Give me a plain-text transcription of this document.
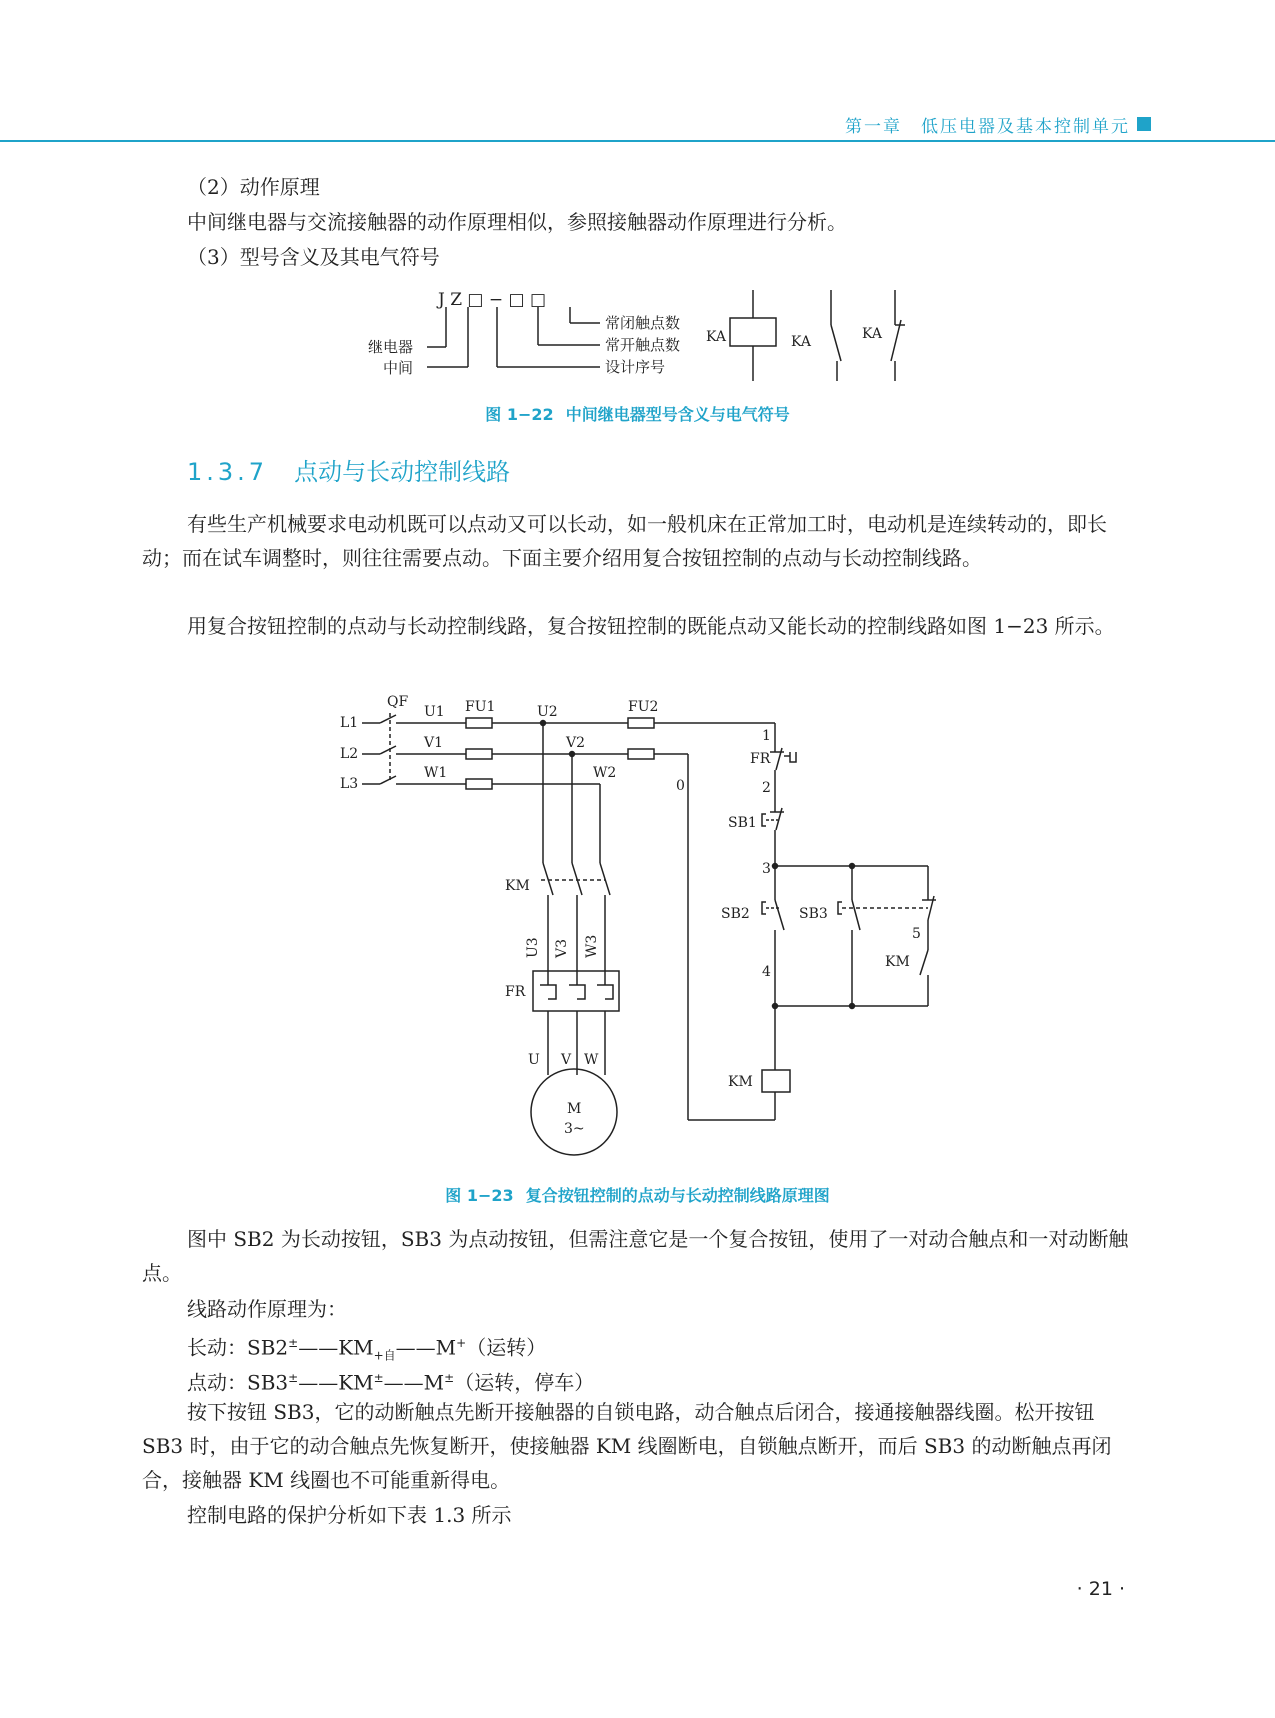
第一章　低压电器及基本控制单元

（2）动作原理

中间继电器与交流接触器的动作原理相似，参照接触器动作原理进行分析。

（3）型号含义及其电气符号

J Z □ − □ □
常闭触点数
常开触点数
设计序号
继电器
中间
KA	KA	KA
图 1−22 中间继电器型号含义与电气符号
1.3.7 点动与长动控制线路

有些生产机械要求电动机既可以点动又可以长动，如一般机床在正常加工时，电动机是连续转动的，即长动；而在试车调整时，则往往需要点动。下面主要介绍用复合按钮控制的点动与长动控制线路。

用复合按钮控制的点动与长动控制线路，复合按钮控制的既能点动又能长动的控制线路如图 1−23 所示。

L1
L2
L3
QF
U1
V1
W1
FU1	FU2
U2
V2
W2
0
1
2
3
4
5
FR
SB1
SB2	SB3
KM
KM
KM
FR
U3 V3 W3
U V W
M
3~
图 1−23 复合按钮控制的点动与长动控制线路原理图

图中 SB2 为长动按钮，SB3 为点动按钮，但需注意它是一个复合按钮，使用了一对动合触点和一对动断触点。

线路动作原理为：

长动：$SB2^\pm——KM_{+自}——M^+$（运转）

点动：SB3±——KM±——M±（运转，停车）

按下按钮 SB3，它的动断触点先断开接触器的自锁电路，动合触点后闭合，接通接触器线圈。松开按钮 SB3 时，由于它的动合触点先恢复断开，使接触器 KM 线圈断电，自锁触点断开，而后 SB3 的动断触点再闭合，接触器 KM 线圈也不可能重新得电。

控制电路的保护分析如下表 1.3 所示

· 21 ·
